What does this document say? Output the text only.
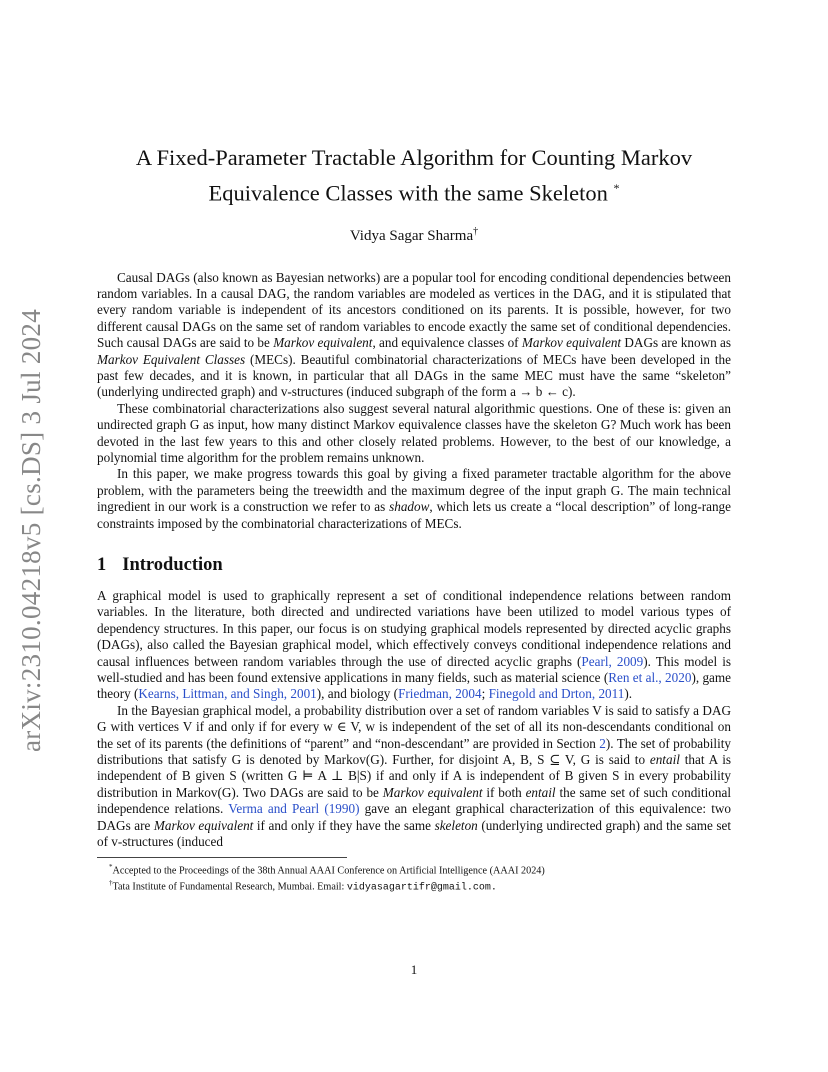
arXiv:2310.04218v5 [cs.DS] 3 Jul 2024
A Fixed-Parameter Tractable Algorithm for Counting Markov Equivalence Classes with the same Skeleton *
Vidya Sagar Sharma†

Causal DAGs (also known as Bayesian networks) are a popular tool for encoding conditional dependencies between random variables. In a causal DAG, the random variables are modeled as vertices in the DAG, and it is stipulated that every random variable is independent of its ancestors conditioned on its parents. It is possible, however, for two different causal DAGs on the same set of random variables to encode exactly the same set of conditional dependencies. Such causal DAGs are said to be Markov equivalent, and equivalence classes of Markov equivalent DAGs are known as Markov Equivalent Classes (MECs). Beautiful combinatorial characterizations of MECs have been developed in the past few decades, and it is known, in particular that all DAGs in the same MEC must have the same “skeleton” (underlying undirected graph) and v-structures (induced subgraph of the form a → b ← c).

These combinatorial characterizations also suggest several natural algorithmic questions. One of these is: given an undirected graph G as input, how many distinct Markov equivalence classes have the skeleton G? Much work has been devoted in the last few years to this and other closely related problems. However, to the best of our knowledge, a polynomial time algorithm for the problem remains unknown.

In this paper, we make progress towards this goal by giving a fixed parameter tractable algorithm for the above problem, with the parameters being the treewidth and the maximum degree of the input graph G. The main technical ingredient in our work is a construction we refer to as shadow, which lets us create a “local description” of long-range constraints imposed by the combinatorial characterizations of MECs.

1 Introduction

A graphical model is used to graphically represent a set of conditional independence relations between random variables. In the literature, both directed and undirected variations have been utilized to model various types of dependency structures. In this paper, our focus is on studying graphical models represented by directed acyclic graphs (DAGs), also called the Bayesian graphical model, which effectively conveys conditional independence relations and causal influences between random variables through the use of directed acyclic graphs (Pearl, 2009). This model is well-studied and has been found extensive applications in many fields, such as material science (Ren et al., 2020), game theory (Kearns, Littman, and Singh, 2001), and biology (Friedman, 2004; Finegold and Drton, 2011).

In the Bayesian graphical model, a probability distribution over a set of random variables V is said to satisfy a DAG G with vertices V if and only if for every w ∈ V, w is independent of the set of all its non-descendants conditional on the set of its parents (the definitions of “parent” and “non-descendant” are provided in Section 2). The set of probability distributions that satisfy G is denoted by Markov(G). Further, for disjoint A, B, S ⊆ V, G is said to entail that A is independent of B given S (written G ⊨ A ⊥ B|S) if and only if A is independent of B given S in every probability distribution in Markov(G). Two DAGs are said to be Markov equivalent if both entail the same set of such conditional independence relations. Verma and Pearl (1990) gave an elegant graphical characterization of this equivalence: two DAGs are Markov equivalent if and only if they have the same skeleton (underlying undirected graph) and the same set of v-structures (induced

*Accepted to the Proceedings of the 38th Annual AAAI Conference on Artificial Intelligence (AAAI 2024)
†Tata Institute of Fundamental Research, Mumbai. Email: vidyasagartifr@gmail.com.
1
